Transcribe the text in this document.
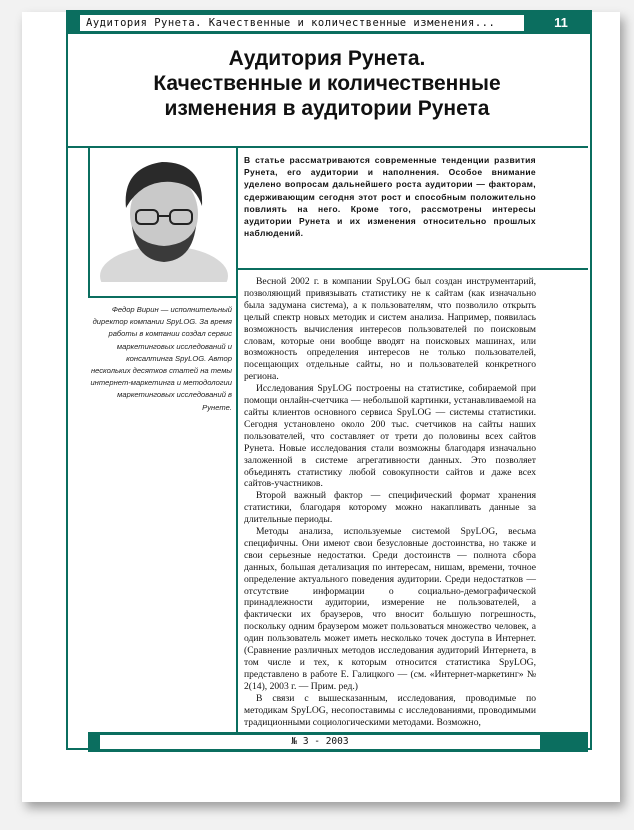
Аудитория Рунета. Качественные и количественные изменения...	11
Аудитория Рунета.
Качественные и количественные
изменения в аудитории Рунета
Федор Вирин — исполнительный директор компании SpyLOG. За время работы в компании создал сервис маркетинговых исследований и консалтинга SpyLOG. Автор нескольких десятков статей на темы интернет-маркетинга и методологии маркетинговых исследований в Рунете.
В статье рассматриваются современные тенденции развития Рунета, его аудитории и наполнения. Особое внимание уделено вопросам дальнейшего роста аудитории — факторам, сдерживающим сегодня этот рост и способным положительно повлиять на него. Кроме того, рассмотрены интересы аудитории Рунета и их изменения относительно прошлых наблюдений.

Весной 2002 г. в компании SpyLOG был создан инструментарий, позволяющий привязывать статистику не к сайтам (как изначально была задумана система), а к пользователям, что позволило открыть целый спектр новых методик и систем анализа. Например, появилась возможность вычисления интересов пользователей по поисковым словам, которые они вообще вводят на поисковых машинах, или возможность определения интересов не только пользователей, посещающих отдельные сайты, но и пользователей конкретного региона.

Исследования SpyLOG построены на статистике, собираемой при помощи онлайн-счетчика — небольшой картинки, устанавливаемой на сайты клиентов основного сервиса SpyLOG — системы статистики. Сегодня установлено около 200 тыс. счетчиков на сайты наших пользователей, что составляет от трети до половины всех сайтов Рунета. Новые исследования стали возможны благодаря изначально заложенной в системе агрегативности данных. Это позволяет объединять статистику любой совокупности сайтов и даже всех сайтов-участников.

Второй важный фактор — специфический формат хранения статистики, благодаря которому можно накапливать данные за длительные периоды.

Методы анализа, используемые системой SpyLOG, весьма специфичны. Они имеют свои безусловные достоинства, но также и свои серьезные недостатки. Среди достоинств — полнота сбора данных, большая детализация по интересам, нишам, времени, точное определение актуального поведения аудитории. Среди недостатков — отсутствие информации о социально-демографической принадлежности аудитории, измерение не пользователей, а фактически их браузеров, что вносит большую погрешность, поскольку одним браузером может пользоваться множество человек, а один пользователь может иметь несколько точек доступа в Интернет. (Сравнение различных методов исследования аудиторий Интернета, в том числе и тех, к которым относится статистика SpyLOG, представлено в работе Е. Галицкого — (см. «Интернет-маркетинг» № 2(14), 2003 г. — Прим. ред.)

В связи с вышесказанным, исследования, проводимые по методикам SpyLOG, несопоставимы с исследованиями, проводимыми традиционными социологическими методами. Возможно,

№ 3 - 2003
